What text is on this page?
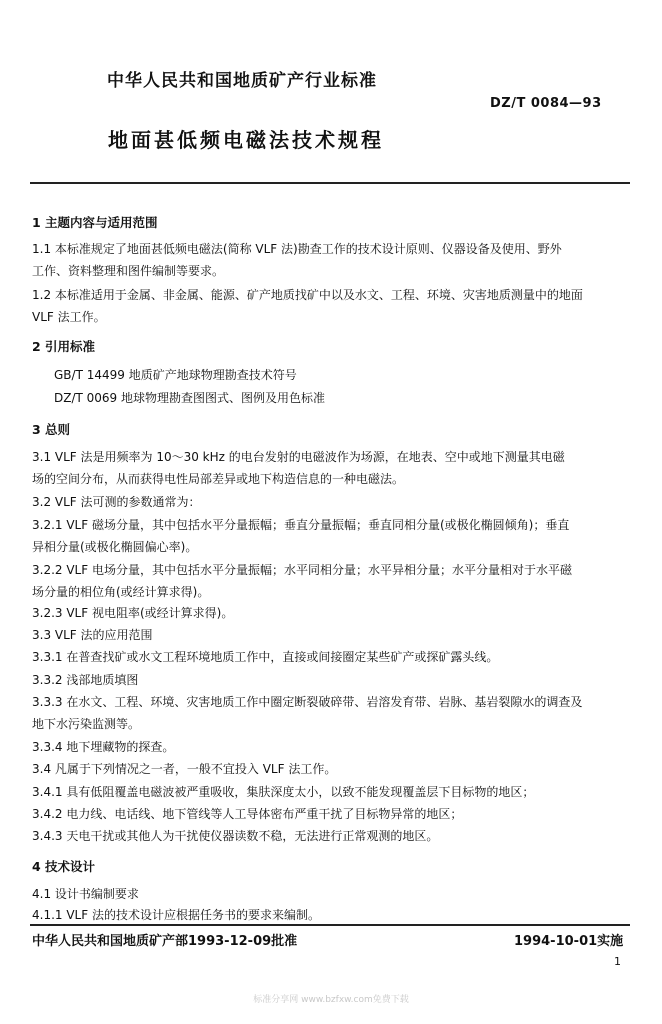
中华人民共和国地质矿产行业标准
DZ/T 0084—93
地面甚低频电磁法技术规程
1 主题内容与适用范围
1.1 本标准规定了地面甚低频电磁法(简称 VLF 法)勘查工作的技术设计原则、仪器设备及使用、野外
工作、资料整理和图件编制等要求。
1.2 本标准适用于金属、非金属、能源、矿产地质找矿中以及水文、工程、环境、灾害地质测量中的地面
VLF 法工作。
2 引用标准
GB/T 14499 地质矿产地球物理勘查技术符号
DZ/T 0069 地球物理勘查图图式、图例及用色标准
3 总则
3.1 VLF 法是用频率为 10～30 kHz 的电台发射的电磁波作为场源，在地表、空中或地下测量其电磁
场的空间分布，从而获得电性局部差异或地下构造信息的一种电磁法。
3.2 VLF 法可测的参数通常为：
3.2.1 VLF 磁场分量，其中包括水平分量振幅；垂直分量振幅；垂直同相分量(或极化椭圆倾角)；垂直
异相分量(或极化椭圆偏心率)。
3.2.2 VLF 电场分量，其中包括水平分量振幅；水平同相分量；水平异相分量；水平分量相对于水平磁
场分量的相位角(或经计算求得)。
3.2.3 VLF 视电阻率(或经计算求得)。
3.3 VLF 法的应用范围
3.3.1 在普查找矿或水文工程环境地质工作中，直接或间接圈定某些矿产或探矿露头线。
3.3.2 浅部地质填图
3.3.3 在水文、工程、环境、灾害地质工作中圈定断裂破碎带、岩溶发育带、岩脉、基岩裂隙水的调查及
地下水污染监测等。
3.3.4 地下埋藏物的探查。
3.4 凡属于下列情况之一者，一般不宜投入 VLF 法工作。
3.4.1 具有低阻覆盖电磁波被严重吸收，集肤深度太小，以致不能发现覆盖层下目标物的地区；
3.4.2 电力线、电话线、地下管线等人工导体密布严重干扰了目标物异常的地区；
3.4.3 天电干扰或其他人为干扰使仪器读数不稳，无法进行正常观测的地区。
4 技术设计
4.1 设计书编制要求
4.1.1 VLF 法的技术设计应根据任务书的要求来编制。
中华人民共和国地质矿产部1993-12-09批准	1994-10-01实施
1
标准分享网 www.bzfxw.com免费下载
